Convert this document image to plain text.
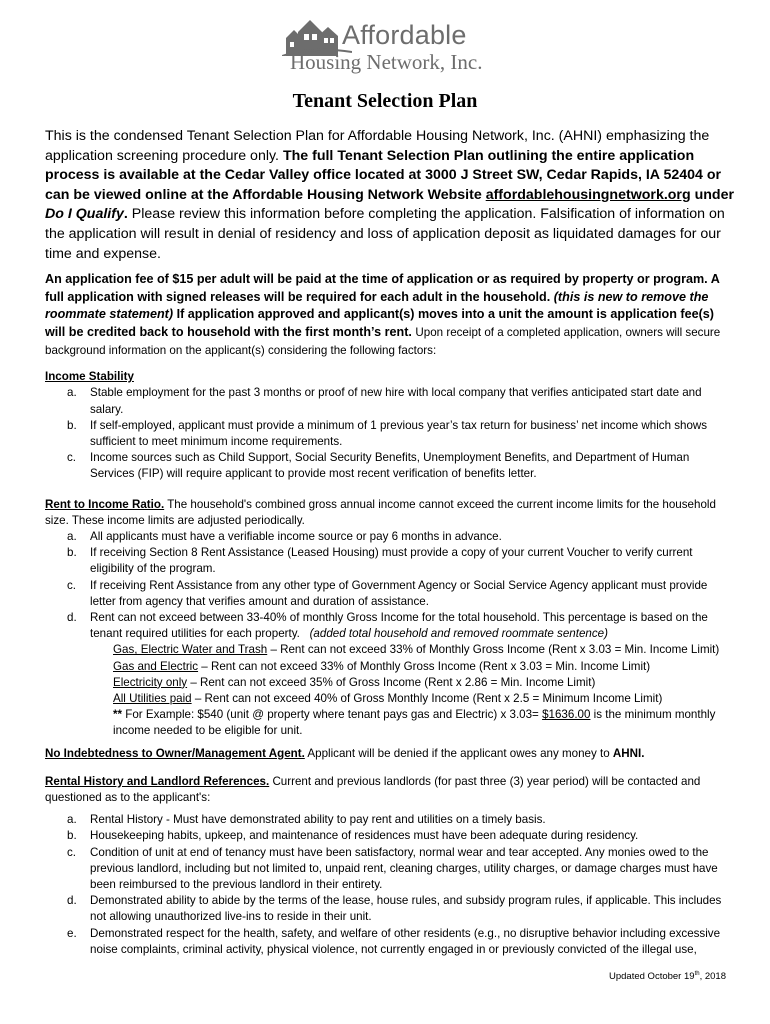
Affordable
Housing Network, Inc.
Tenant Selection Plan

This is the condensed Tenant Selection Plan for Affordable Housing Network, Inc. (AHNI) emphasizing the application screening procedure only. The full Tenant Selection Plan outlining the entire application process is available at the Cedar Valley office located at 3000 J Street SW, Cedar Rapids, IA 52404 or can be viewed online at the Affordable Housing Network Website affordablehousingnetwork.org under Do I Qualify. Please review this information before completing the application. Falsification of information on the application will result in denial of residency and loss of application deposit as liquidated damages for our time and expense.

An application fee of $15 per adult will be paid at the time of application or as required by property or program. A full application with signed releases will be required for each adult in the household. (this is new to remove the roommate statement) If application approved and applicant(s) moves into a unit the amount is application fee(s) will be credited back to household with the first month’s rent. Upon receipt of a completed application, owners will secure background information on the applicant(s) considering the following factors:

Income Stability
a. Stable employment for the past 3 months or proof of new hire with local company that verifies anticipated start date and salary.
b. If self-employed, applicant must provide a minimum of 1 previous year’s tax return for business’ net income which shows sufficient to meet minimum income requirements.
c. Income sources such as Child Support, Social Security Benefits, Unemployment Benefits, and Department of Human Services (FIP) will require applicant to provide most recent verification of benefits letter.
Rent to Income Ratio. The household's combined gross annual income cannot exceed the current income limits for the household size. These income limits are adjusted periodically.
a. All applicants must have a verifiable income source or pay 6 months in advance.
b. If receiving Section 8 Rent Assistance (Leased Housing) must provide a copy of your current Voucher to verify current eligibility of the program.
c. If receiving Rent Assistance from any other type of Government Agency or Social Service Agency applicant must provide letter from agency that verifies amount and duration of assistance.
d. Rent can not exceed between 33-40% of monthly Gross Income for the total household. This percentage is based on the tenant required utilities for each property. (added total household and removed roommate sentence)
Gas, Electric Water and Trash – Rent can not exceed 33% of Monthly Gross Income (Rent x 3.03 = Min. Income Limit)
Gas and Electric – Rent can not exceed 33% of Monthly Gross Income (Rent x 3.03 = Min. Income Limit)
Electricity only – Rent can not exceed 35% of Gross Income (Rent x 2.86 = Min. Income Limit)
All Utilities paid – Rent can not exceed 40% of Gross Monthly Income (Rent x 2.5 = Minimum Income Limit)
** For Example: $540 (unit @ property where tenant pays gas and Electric) x 3.03= $1636.00 is the minimum monthly income needed to be eligible for unit.
No Indebtedness to Owner/Management Agent. Applicant will be denied if the applicant owes any money to AHNI.
Rental History and Landlord References. Current and previous landlords (for past three (3) year period) will be contacted and questioned as to the applicant's:
a. Rental History - Must have demonstrated ability to pay rent and utilities on a timely basis.
b. Housekeeping habits, upkeep, and maintenance of residences must have been adequate during residency.
c. Condition of unit at end of tenancy must have been satisfactory, normal wear and tear accepted. Any monies owed to the previous landlord, including but not limited to, unpaid rent, cleaning charges, utility charges, or damage charges must have been reimbursed to the previous landlord in their entirety.
d. Demonstrated ability to abide by the terms of the lease, house rules, and subsidy program rules, if applicable. This includes not allowing unauthorized live-ins to reside in their unit.
e. Demonstrated respect for the health, safety, and welfare of other residents (e.g., no disruptive behavior including excessive noise complaints, criminal activity, physical violence, not currently engaged in or previously convicted of the illegal use,
Updated October 19th, 2018
